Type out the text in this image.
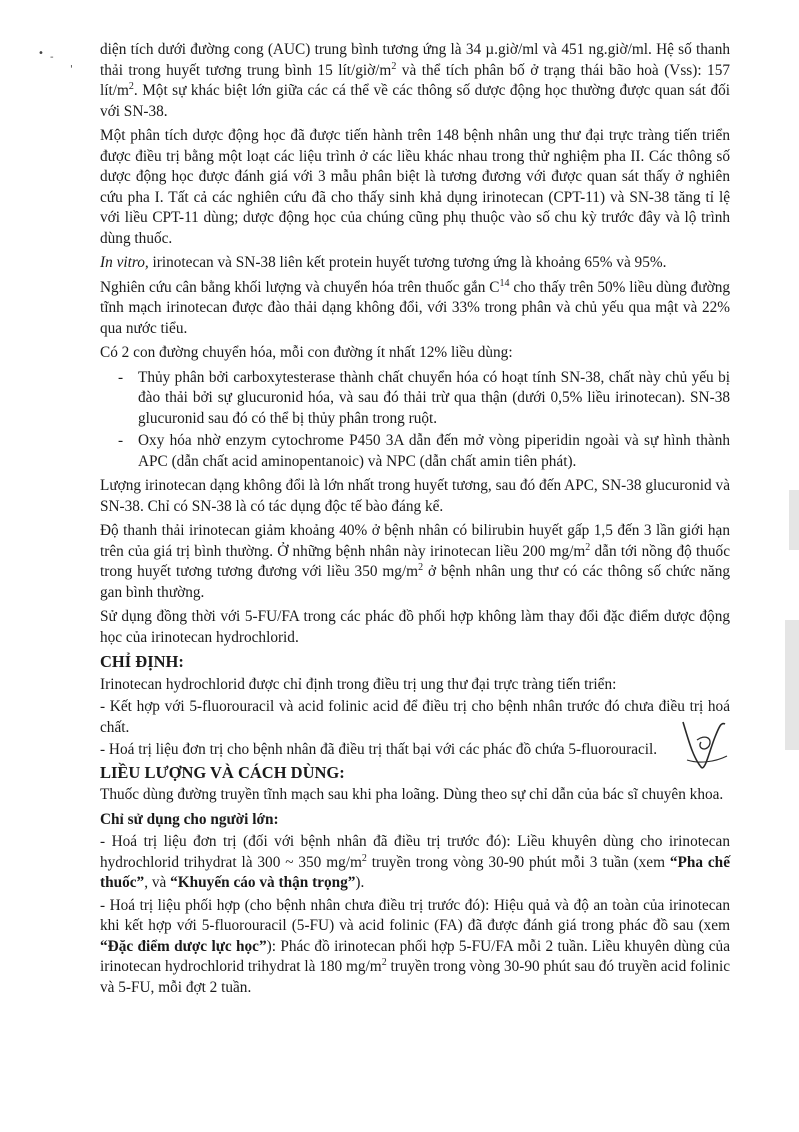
• -
'

diện tích dưới đường cong (AUC) trung bình tương ứng là 34 µ.giờ/ml và 451 ng.giờ/ml. Hệ số thanh thải trong huyết tương trung bình 15 lít/$giờ/m^2$ và thể tích phân bố ở trạng thái bão hoà (Vss): 157 lít/$m^2$. Một sự khác biệt lớn giữa các cá thể về các thông số dược động học thường được quan sát đối với SN-38.

Một phân tích dược động học đã được tiến hành trên 148 bệnh nhân ung thư đại trực tràng tiến triển được điều trị bằng một loạt các liệu trình ở các liều khác nhau trong thử nghiệm pha II. Các thông số dược động học được đánh giá với 3 mẫu phân biệt là tương đương với được quan sát thấy ở nghiên cứu pha I. Tất cả các nghiên cứu đã cho thấy sinh khả dụng irinotecan (CPT-11) và SN-38 tăng tỉ lệ với liều CPT-11 dùng; dược động học của chúng cũng phụ thuộc vào số chu kỳ trước đây và lộ trình dùng thuốc.

In vitro, irinotecan và SN-38 liên kết protein huyết tương tương ứng là khoảng 65% và 95%.

Nghiên cứu cân bằng khối lượng và chuyển hóa trên thuốc gắn $C^{14}$ cho thấy trên 50% liều dùng đường tĩnh mạch irinotecan được đào thải dạng không đổi, với 33% trong phân và chủ yếu qua mật và 22% qua nước tiểu.

Có 2 con đường chuyển hóa, mỗi con đường ít nhất 12% liều dùng:

- Thủy phân bởi carboxytesterase thành chất chuyển hóa có hoạt tính SN-38, chất này chủ yếu bị đào thải bởi sự glucuronid hóa, và sau đó thải trừ qua thận (dưới 0,5% liều irinotecan). SN-38 glucuronid sau đó có thể bị thủy phân trong ruột.
- Oxy hóa nhờ enzym cytochrome P450 3A dẫn đến mở vòng piperidin ngoài và sự hình thành APC (dẫn chất acid aminopentanoic) và NPC (dẫn chất amin tiên phát).

Lượng irinotecan dạng không đổi là lớn nhất trong huyết tương, sau đó đến APC, SN-38 glucuronid và SN-38. Chỉ có SN-38 là có tác dụng độc tế bào đáng kể.

Độ thanh thải irinotecan giảm khoảng 40% ở bệnh nhân có bilirubin huyết gấp 1,5 đến 3 lần giới hạn trên của giá trị bình thường. Ở những bệnh nhân này irinotecan liều 200 $mg/m^2$ dẫn tới nồng độ thuốc trong huyết tương tương đương với liều 350 $mg/m^2$ ở bệnh nhân ung thư có các thông số chức năng gan bình thường.

Sử dụng đồng thời với 5-FU/FA trong các phác đồ phối hợp không làm thay đổi đặc điểm dược động học của irinotecan hydrochlorid.

CHỈ ĐỊNH:

Irinotecan hydrochlorid được chỉ định trong điều trị ung thư đại trực tràng tiến triển:

- Kết hợp với 5-fluorouracil và acid folinic acid để điều trị cho bệnh nhân trước đó chưa điều trị hoá chất.

- Hoá trị liệu đơn trị cho bệnh nhân đã điều trị thất bại với các phác đồ chứa 5-fluorouracil.

LIỀU LƯỢNG VÀ CÁCH DÙNG:

Thuốc dùng đường truyền tĩnh mạch sau khi pha loãng. Dùng theo sự chỉ dẫn của bác sĩ chuyên khoa.

Chỉ sử dụng cho người lớn:

- Hoá trị liệu đơn trị (đối với bệnh nhân đã điều trị trước đó): Liều khuyên dùng cho irinotecan hydrochlorid trihydrat là 300 ~ 350 $mg/m^2$ truyền trong vòng 30-90 phút mỗi 3 tuần (xem “Pha chế thuốc”, và “Khuyến cáo và thận trọng”).

- Hoá trị liệu phối hợp (cho bệnh nhân chưa điều trị trước đó): Hiệu quả và độ an toàn của irinotecan khi kết hợp với 5-fluorouracil (5-FU) và acid folinic (FA) đã được đánh giá trong phác đồ sau (xem “Đặc điểm dược lực học”): Phác đồ irinotecan phối hợp 5-FU/FA mỗi 2 tuần. Liều khuyên dùng của irinotecan hydrochlorid trihydrat là 180 $mg/m^2$ truyền trong vòng 30-90 phút sau đó truyền acid folinic và 5-FU, mỗi đợt 2 tuần.
